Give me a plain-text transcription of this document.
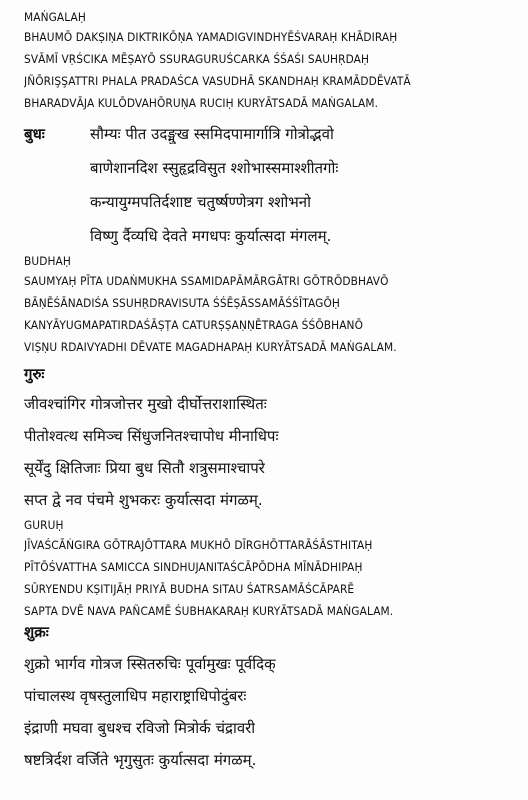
MAṄGALAḤ
BHAUMŌ DAKṢIṆA DIKTRIKŌṆA YAMADIGVINDHYĒŚVARAḤ KHĀDIRAḤ
SVĀMĪ VṚŚCIKA MĒṢAYŌ SSURAGURUŚCARKA ŚŚAŚI SAUHṚDAḤ
JÑŌRIŞŞATTRI PHALA PRADAŚCA VASUDHĀ SKANDHAḤ KRAMĀDDĒVATĀ
BHARADVĀJA KULŌDVAHŌRUṆA RUCIḤ KURYĀTSADĀ MAṄGALAM.
बुधः	सौम्यः पीत उदङ्मुख स्समिदपामार्गात्रि गोत्रोद्भवो
बाणेशानदिश स्सुहृद्रविसुत श्शोभास्समाश्शीतगोः
कन्यायुग्मपतिर्दशाष्ट चतुर्ष्षण्णेत्रग श्शोभनो
विष्णु र्दैव्यधि देवते मगधपः कुर्यात्सदा मंगलम्.
BUDHAḤ
SAUMYAḤ PĪTA UDAṄMUKHA SSAMIDAPĀMĀRGĀTRI GŌTRŌDBHAVŌ
BĀṆĒŚĀNADIŚA SSUHṚDRAVISUTA ŚŚĒṢĀSSAMĀŚŚĪTAGŌḤ
KANYĀYUGMAPATIRDAŚĀṢṬA CATURṢṢAṆṆĒTRAGA ŚŚŌBHANŌ
VIṢṆU RDAIVYADHI DĒVATE MAGADHAPAḤ KURYĀTSADĀ MAṄGALAM.
गुरुः
जीवश्चांगिर गोत्रजोत्तर मुखो दीर्घोत्तराशास्थितः
पीतोश्वत्थ समिञ्च सिंधुजनितश्चापोध मीनाधिपः
सूर्येंदु क्षितिजाः प्रिया बुध सितौ शत्रुसमाश्चापरे
सप्त द्वे नव पंचमे शुभकरः कुर्यात्सदा मंगळम्.
GURUḤ
JĪVAŚCĀṄGIRA GŌTRAJŌTTARA MUKHŌ DĪRGHŌTTARĀŚĀSTHITAḤ
PĪTŌŚVATTHA SAMICCA SINDHUJANITAŚCĀPŌDHA MĪNĀDHIPAḤ
SŪRYENDU KṢITIJĀḤ PRIYĀ BUDHA SITAU ŚATRSAMĀŚCĀPARĒ
SAPTA DVĒ NAVA PAÑCAMĒ ŚUBHAKARAḤ KURYĀTSADĀ MAṄGALAM.
शुक्रः
शुक्रो भार्गव गोत्रज स्सितरुचिः पूर्वामुखः पूर्वदिक्
पांचालस्थ वृषस्तुलाधिप महाराष्ट्राधिपोदुंबरः
इंद्राणी मघवा बुधश्च रविजो मित्रोर्क चंद्रावरी
षष्टत्रिर्दश वर्जिते भृगुसुतः कुर्यात्सदा मंगळम्.
